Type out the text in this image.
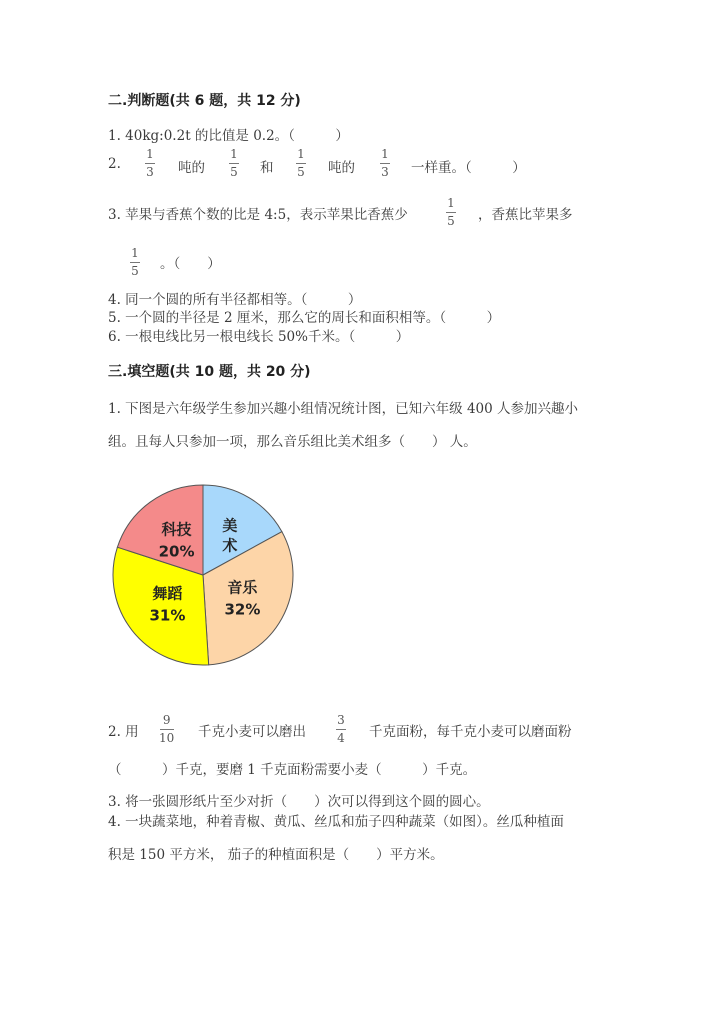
二.判断题(共 6 题，共 12 分)
1. 40kg:0.2t 的比值是 0.2。（　　　）
2.
1
3 吨的
1
5 和
1
5 吨的
1
3 一样重。（　　　）
3. 苹果与香蕉个数的比是 4:5，表示苹果比香蕉少
1
5 ，香蕉比苹果多
1
5 。（　　）
4. 同一个圆的所有半径都相等。（　　　）
5. 一个圆的半径是 2 厘米，那么它的周长和面积相等。（　　　）
6. 一根电线比另一根电线长 50%千米。（　　　）
三.填空题(共 10 题，共 20 分)
1. 下图是六年级学生参加兴趣小组情况统计图，已知六年级 400 人参加兴趣小
组。且每人只参加一项，那么音乐组比美术组多（　　） 人。
美术
音乐 32%
舞蹈 31%
科技 20%
2. 用
9
10 千克小麦可以磨出
3
4 千克面粉，每千克小麦可以磨面粉
（　　　）千克，要磨 1 千克面粉需要小麦（　　　）千克。
3. 将一张圆形纸片至少对折（　　）次可以得到这个圆的圆心。
4. 一块蔬菜地，种着青椒、黄瓜、丝瓜和茄子四种蔬菜（如图）。丝瓜种植面
积是 150 平方米， 茄子的种植面积是（　　）平方米。
